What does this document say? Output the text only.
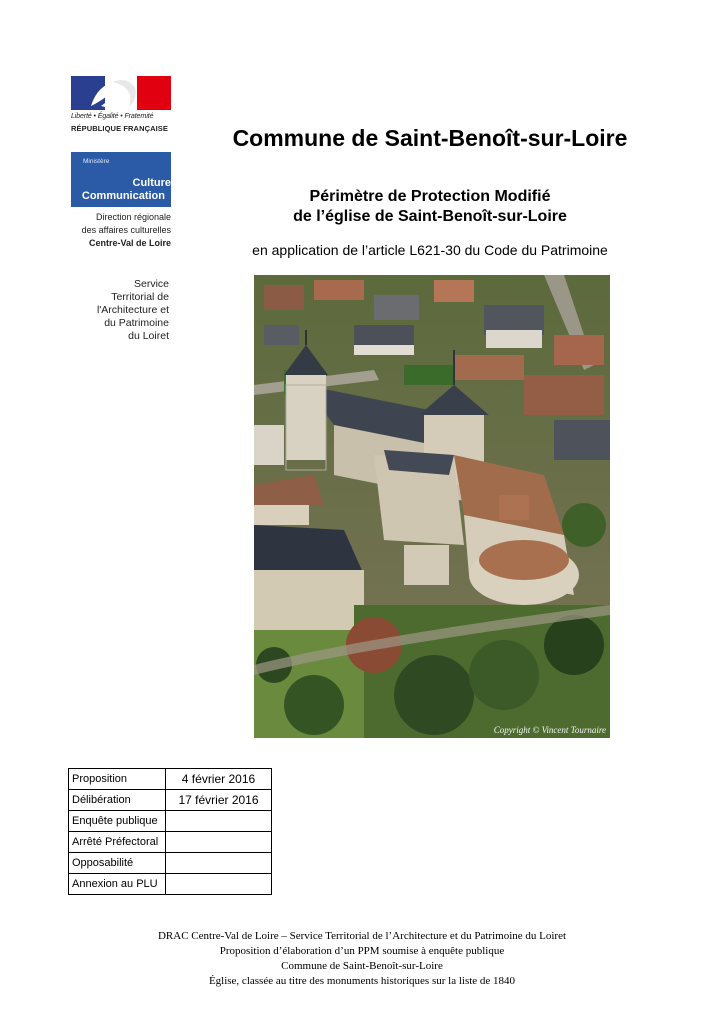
Liberté • Égalité • Fraternité
RÉPUBLIQUE FRANÇAISE
Ministère
Culture
Communication
Direction régionale
des affaires culturelles
Centre-Val de Loire
Service
Territorial de
l'Architecture et
du Patrimoine
du Loiret
Commune de Saint-Benoît-sur-Loire
Périmètre de Protection Modifié
de l’église de Saint-Benoît-sur-Loire
en application de l’article L621-30 du Code du Patrimoine
Copyright © Vincent Tournaire
Proposition	4 février 2016
Délibération	17 février 2016
Enquête publique	
Arrêté Préfectoral	
Opposabilité	
Annexion au PLU	
DRAC Centre-Val de Loire – Service Territorial de l’Architecture et du Patrimoine du Loiret
Proposition d’élaboration d’un PPM soumise à enquête publique
Commune de Saint-Benoît-sur-Loire
Église, classée au titre des monuments historiques sur la liste de 1840
